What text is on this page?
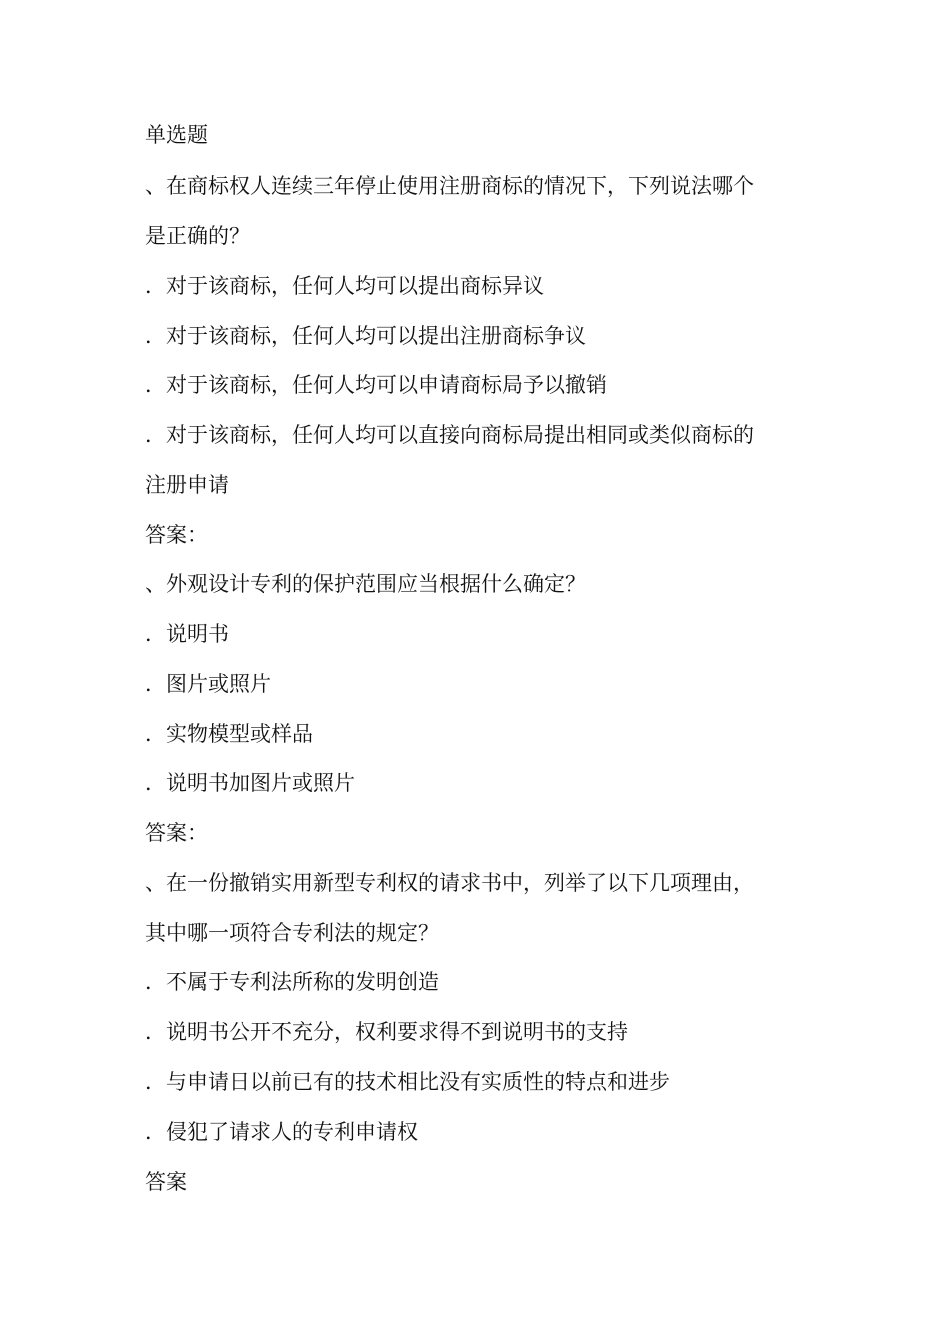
单选题
、在商标权人连续三年停止使用注册商标的情况下，下列说法哪个
是正确的？
．对于该商标，任何人均可以提出商标异议
．对于该商标，任何人均可以提出注册商标争议
．对于该商标，任何人均可以申请商标局予以撤销
．对于该商标，任何人均可以直接向商标局提出相同或类似商标的
注册申请
答案：
、外观设计专利的保护范围应当根据什么确定？
．说明书
．图片或照片
．实物模型或样品
．说明书加图片或照片
答案：
、在一份撤销实用新型专利权的请求书中，列举了以下几项理由，
其中哪一项符合专利法的规定？
．不属于专利法所称的发明创造
．说明书公开不充分，权利要求得不到说明书的支持
．与申请日以前已有的技术相比没有实质性的特点和进步
．侵犯了请求人的专利申请权
答案
